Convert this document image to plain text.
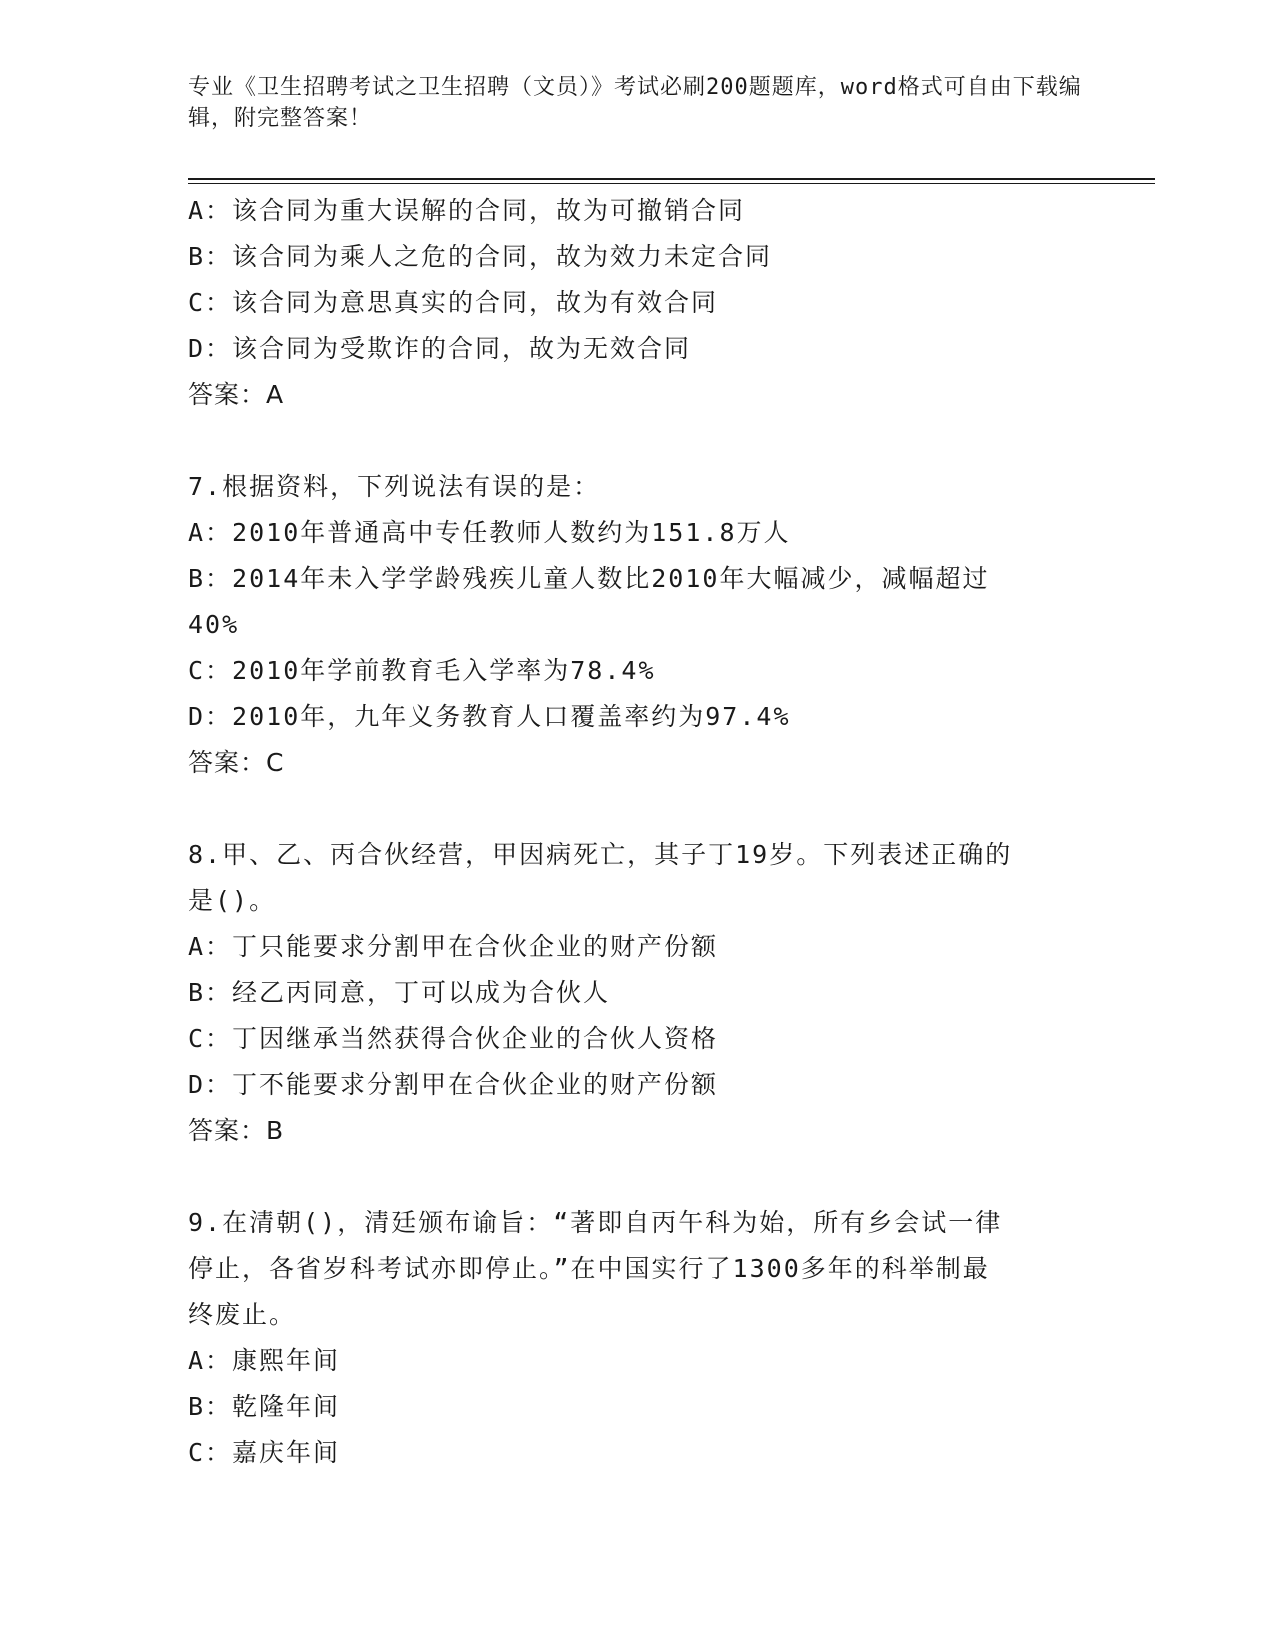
专业《卫生招聘考试之卫生招聘（文员）》考试必刷200题题库，word格式可自由下载编辑，附完整答案！
A：该合同为重大误解的合同，故为可撤销合同
B：该合同为乘人之危的合同，故为效力未定合同
C：该合同为意思真实的合同，故为有效合同
D：该合同为受欺诈的合同，故为无效合同
答案：A
7.根据资料，下列说法有误的是：
A：2010年普通高中专任教师人数约为151.8万人
B：2014年未入学学龄残疾儿童人数比2010年大幅减少，减幅超过
40%
C：2010年学前教育毛入学率为78.4%
D：2010年，九年义务教育人口覆盖率约为97.4%
答案：C
8.甲、乙、丙合伙经营，甲因病死亡，其子丁19岁。下列表述正确的
是()。
A：丁只能要求分割甲在合伙企业的财产份额
B：经乙丙同意，丁可以成为合伙人
C：丁因继承当然获得合伙企业的合伙人资格
D：丁不能要求分割甲在合伙企业的财产份额
答案：B
9.在清朝()，清廷颁布谕旨：“著即自丙午科为始，所有乡会试一律
停止，各省岁科考试亦即停止。”在中国实行了1300多年的科举制最
终废止。
A：康熙年间
B：乾隆年间
C：嘉庆年间
